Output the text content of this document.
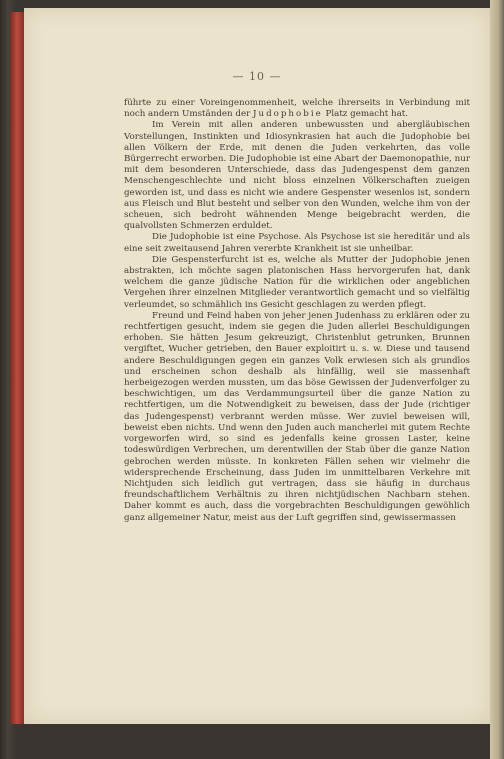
— 10 —

führte zu einer Voreingenommenheit, welche ihrerseits in Verbindung mit noch andern Umständen der Judophobie Platz gemacht hat.

Im Verein mit allen anderen unbewussten und abergläubischen Vorstellungen, Instinkten und Idiosynkrasien hat auch die Judophobie bei allen Völkern der Erde, mit denen die Juden verkehrten, das volle Bürgerrecht erworben. Die Judophobie ist eine Abart der Daemonopathie, nur mit dem besonderen Unterschiede, dass das Judengespenst dem ganzen Menschengeschlechte und nicht bloss einzelnen Völkerschaften zueigen geworden ist, und dass es nicht wie andere Gespenster wesenlos ist, sondern aus Fleisch und Blut besteht und selber von den Wunden, welche ihm von der scheuen, sich bedroht wähnenden Menge beigebracht werden, die qualvollsten Schmerzen erduldet.

Die Judophobie ist eine Psychose. Als Psychose ist sie hereditär und als eine seit zweitausend Jahren vererbte Krankheit ist sie unheilbar.

Die Gespensterfurcht ist es, welche als Mutter der Judophobie jenen abstrakten, ich möchte sagen platonischen Hass hervorgerufen hat, dank welchem die ganze jüdische Nation für die wirklichen oder angeblichen Vergehen ihrer einzelnen Mitglieder verantwortlich gemacht und so vielfältig verleumdet, so schmählich ins Gesicht geschlagen zu werden pflegt.

Freund und Feind haben von jeher jenen Judenhass zu erklären oder zu rechtfertigen gesucht, indem sie gegen die Juden allerlei Beschuldigungen erhoben. Sie hätten Jesum gekreuzigt, Christenblut getrunken, Brunnen vergiftet, Wucher getrieben, den Bauer exploitirt u. s. w. Diese und tausend andere Beschuldigungen gegen ein ganzes Volk erwiesen sich als grundlos und erscheinen schon deshalb als hinfällig, weil sie massenhaft herbeigezogen werden mussten, um das böse Gewissen der Judenverfolger zu beschwichtigen, um das Verdammungsurteil über die ganze Nation zu rechtfertigen, um die Notwendigkeit zu beweisen, dass der Jude (richtiger das Judengespenst) verbrannt werden müsse. Wer zuviel beweisen will, beweist eben nichts. Und wenn den Juden auch mancherlei mit gutem Rechte vorgeworfen wird, so sind es jedenfalls keine grossen Laster, keine todeswürdigen Verbrechen, um derentwillen der Stab über die ganze Nation gebrochen werden müsste. In konkreten Fällen sehen wir vielmehr die widersprechende Erscheinung, dass Juden im unmittelbaren Verkehre mit Nichtjuden sich leidlich gut vertragen, dass sie häufig in durchaus freundschaftlichem Verhältnis zu ihren nichtjüdischen Nachbarn stehen. Daher kommt es auch, dass die vorgebrachten Beschuldigungen gewöhlich ganz allgemeiner Natur, meist aus der Luft gegriffen sind, gewissermassen
